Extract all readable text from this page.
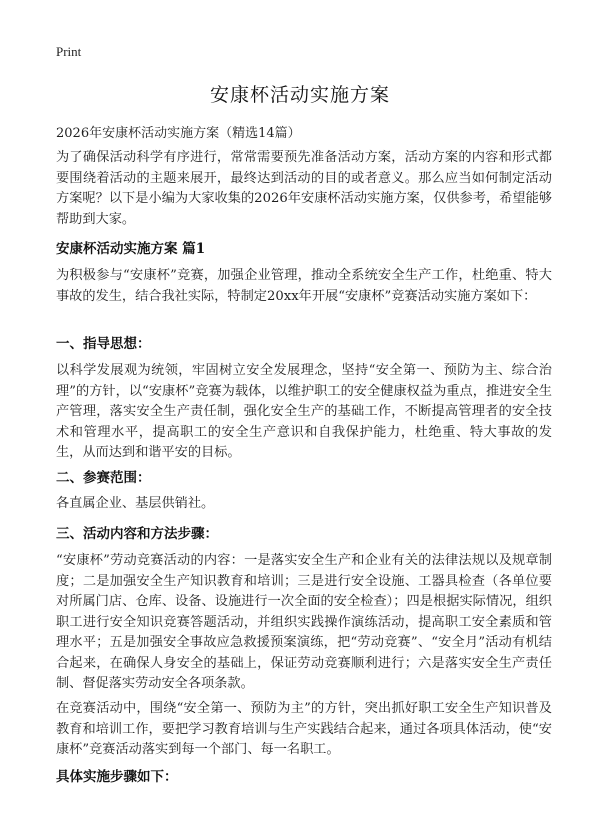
Print
安康杯活动实施方案
2026年安康杯活动实施方案（精选14篇）
为了确保活动科学有序进行，常常需要预先准备活动方案，活动方案的内容和形式都要围绕着活动的主题来展开，最终达到活动的目的或者意义。那么应当如何制定活动方案呢？以下是小编为大家收集的2026年安康杯活动实施方案，仅供参考，希望能够帮助到大家。
安康杯活动实施方案 篇1
为积极参与“安康杯”竞赛，加强企业管理，推动全系统安全生产工作，杜绝重、特大事故的发生，结合我社实际，特制定20xx年开展“安康杯”竞赛活动实施方案如下：
一、指导思想：
以科学发展观为统领，牢固树立安全发展理念，坚持“安全第一、预防为主、综合治理”的方针，以“安康杯”竞赛为载体，以维护职工的安全健康权益为重点，推进安全生产管理，落实安全生产责任制，强化安全生产的基础工作，不断提高管理者的安全技术和管理水平，提高职工的安全生产意识和自我保护能力，杜绝重、特大事故的发生，从而达到和谐平安的目标。
二、参赛范围：
各直属企业、基层供销社。
三、活动内容和方法步骤：
“安康杯”劳动竞赛活动的内容：一是落实安全生产和企业有关的法律法规以及规章制度；二是加强安全生产知识教育和培训；三是进行安全设施、工器具检查（各单位要对所属门店、仓库、设备、设施进行一次全面的安全检查）；四是根据实际情况，组织职工进行安全知识竞赛答题活动，并组织实践操作演练活动，提高职工安全素质和管理水平；五是加强安全事故应急救援预案演练，把“劳动竞赛”、“安全月”活动有机结合起来，在确保人身安全的基础上，保证劳动竞赛顺利进行；六是落实安全生产责任制、督促落实劳动安全各项条款。
在竞赛活动中，围绕“安全第一、预防为主”的方针，突出抓好职工安全生产知识普及教育和培训工作，要把学习教育培训与生产实践结合起来，通过各项具体活动，使“安康杯”竞赛活动落实到每一个部门、每一名职工。
具体实施步骤如下：
